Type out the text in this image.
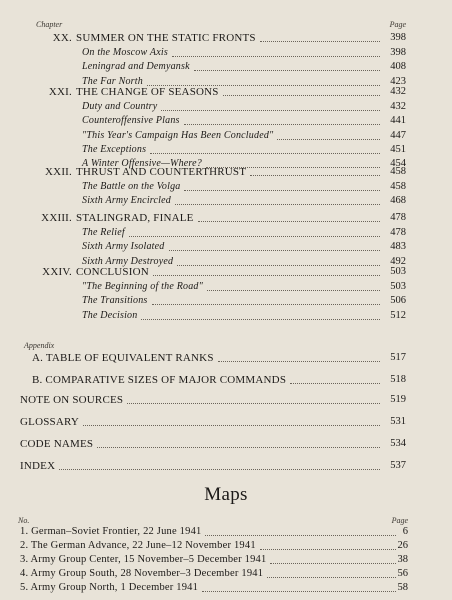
Chapter	Page
XX. SUMMER ON THE STATIC FRONTS	398
On the Moscow Axis	398
Leningrad and Demyansk	408
The Far North	423
XXI. THE CHANGE OF SEASONS	432
Duty and Country	432
Counteroffensive Plans	441
"This Year's Campaign Has Been Concluded"	447
The Exceptions	451
A Winter Offensive—Where?	454
XXII. THRUST AND COUNTERTHRUST	458
The Battle on the Volga	458
Sixth Army Encircled	468
XXIII. STALINGRAD, FINALE	478
The Relief	478
Sixth Army Isolated	483
Sixth Army Destroyed	492
XXIV. CONCLUSION	503
"The Beginning of the Road"	503
The Transitions	506
The Decision	512
Appendix
A. TABLE OF EQUIVALENT RANKS	517
B. COMPARATIVE SIZES OF MAJOR COMMANDS	518
NOTE ON SOURCES	519
GLOSSARY	531
CODE NAMES	534
INDEX	537
No.	Page
1. German–Soviet Frontier, 22 June 1941	6
2. The German Advance, 22 June–12 November 1941	26
3. Army Group Center, 15 November–5 December 1941	38
4. Army Group South, 28 November–3 December 1941	56
5. Army Group North, 1 December 1941	58
Maps
